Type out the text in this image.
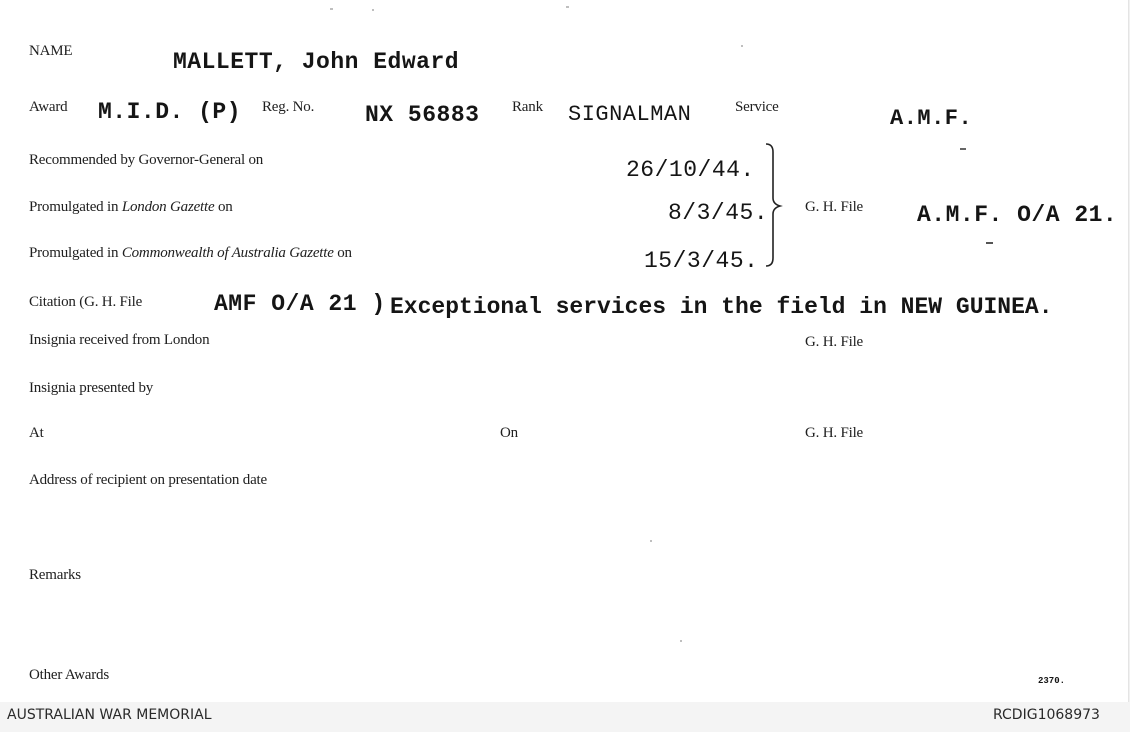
NAME	MALLETT, John Edward
Award M.I.D. (P) Reg. No. NX 56883 Rank SIGNALMAN	Service	A.M.F.
Recommended by Governor-General on	26/10/44.
Promulgated in London Gazette on	8/3/45.
Promulgated in Commonwealth of Australia Gazette on	15/3/45.
G. H. File A.M.F. O/A 21.
Citation (G. H. File	AMF O/A 21 ) Exceptional services in the field in NEW GUINEA.
Insignia received from London	G. H. File
Insignia presented by
At	On	G. H. File
Address of recipient on presentation date
Remarks
Other Awards	2370.
AUSTRALIAN WAR MEMORIAL	RCDIG1068973
